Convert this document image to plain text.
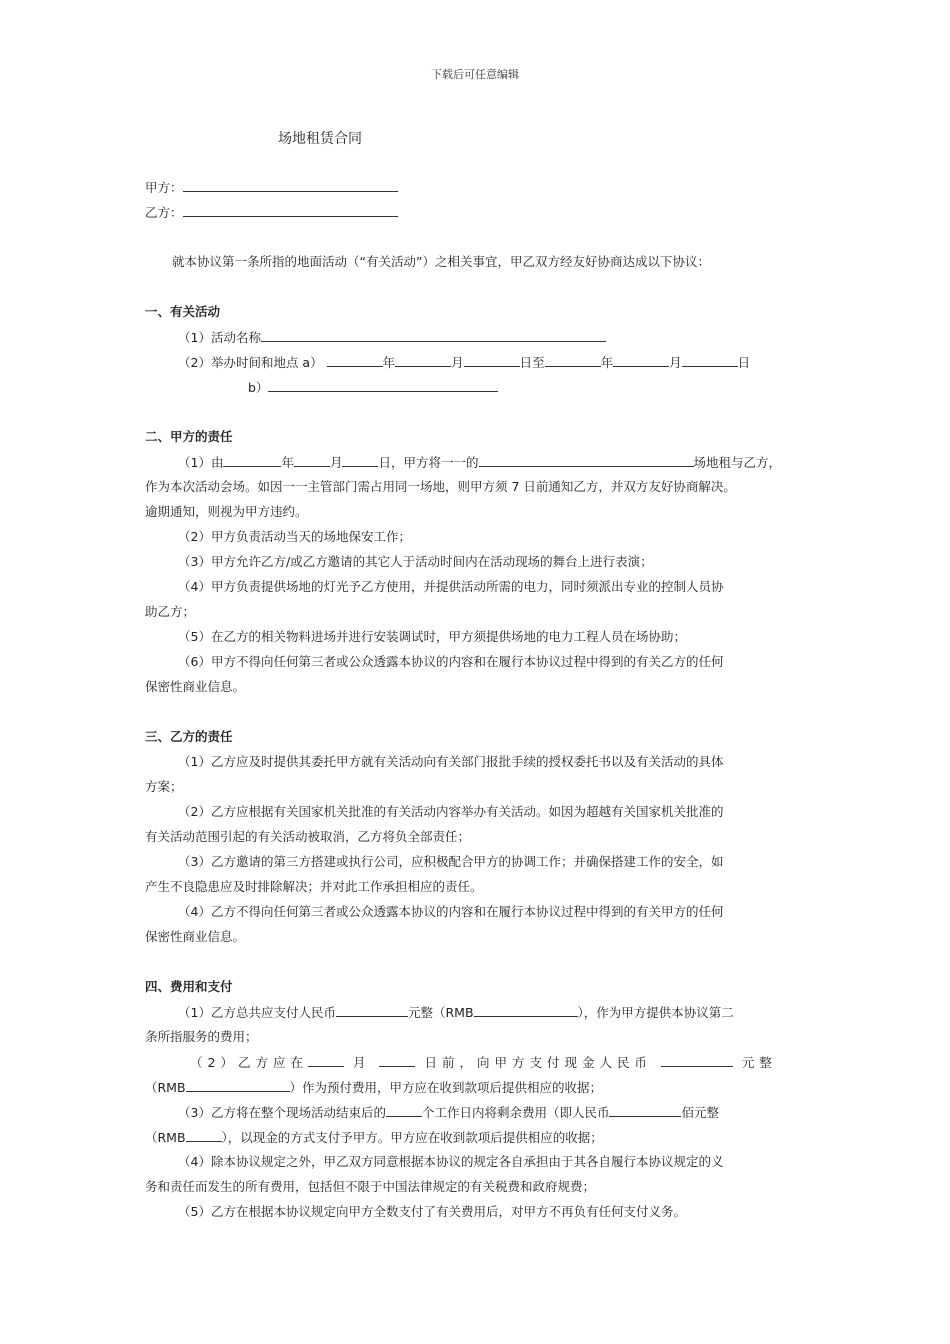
下载后可任意编辑
场地租赁合同
甲方：
乙方：
就本协议第一条所指的地面活动（“有关活动”）之相关事宜，甲乙双方经友好协商达成以下协议：
一、有关活动
（1）活动名称
（2）举办时间和地点 a）	年	月	日至	年	月	日
b）
二、甲方的责任
（1）由	年	月	日，甲方将一一的	场地租与乙方，
作为本次活动会场。如因一一主管部门需占用同一场地，则甲方须 7 日前通知乙方，并双方友好协商解决。
逾期通知，则视为甲方违约。
（2）甲方负责活动当天的场地保安工作；
（3）甲方允许乙方/或乙方邀请的其它人于活动时间内在活动现场的舞台上进行表演；
（4）甲方负责提供场地的灯光予乙方使用，并提供活动所需的电力，同时须派出专业的控制人员协
助乙方；
（5）在乙方的相关物料进场并进行安装调试时，甲方须提供场地的电力工程人员在场协助；
（6）甲方不得向任何第三者或公众透露本协议的内容和在履行本协议过程中得到的有关乙方的任何
保密性商业信息。
三、乙方的责任
（1）乙方应及时提供其委托甲方就有关活动向有关部门报批手续的授权委托书以及有关活动的具体
方案；
（2）乙方应根据有关国家机关批准的有关活动内容举办有关活动。如因为超越有关国家机关批准的
有关活动范围引起的有关活动被取消，乙方将负全部责任；
（3）乙方邀请的第三方搭建或执行公司，应积极配合甲方的协调工作；并确保搭建工作的安全，如
产生不良隐患应及时排除解决；并对此工作承担相应的责任。
（4）乙方不得向任何第三者或公众透露本协议的内容和在履行本协议过程中得到的有关甲方的任何
保密性商业信息。
四、费用和支付
（1）乙方总共应支付人民币	元整（RMB	），作为甲方提供本协议第二
条所指服务的费用；
（2）乙方应在	月	日前，向甲方支付现金人民币	元整
（RMB	）作为预付费用，甲方应在收到款项后提供相应的收据；
（3）乙方将在整个现场活动结束后的	个工作日内将剩余费用（即人民币	佰元整
（RMB	），以现金的方式支付予甲方。甲方应在收到款项后提供相应的收据；
（4）除本协议规定之外，甲乙双方同意根据本协议的规定各自承担由于其各自履行本协议规定的义
务和责任而发生的所有费用，包括但不限于中国法律规定的有关税费和政府规费；
（5）乙方在根据本协议规定向甲方全数支付了有关费用后，对甲方不再负有任何支付义务。
